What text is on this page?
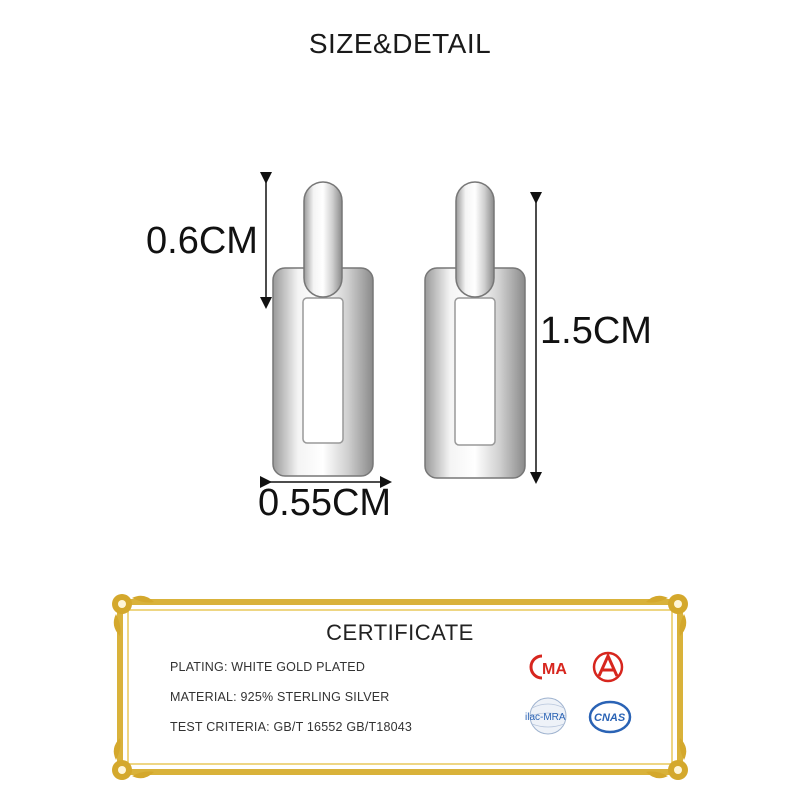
SIZE&DETAIL
0.6CM
1.5CM
0.55CM
CERTIFICATE
PLATING: WHITE GOLD PLATED
MATERIAL: 925% STERLING SILVER
TEST CRITERIA: GB/T 16552 GB/T18043
MA
ilac-MRA	CNAS
